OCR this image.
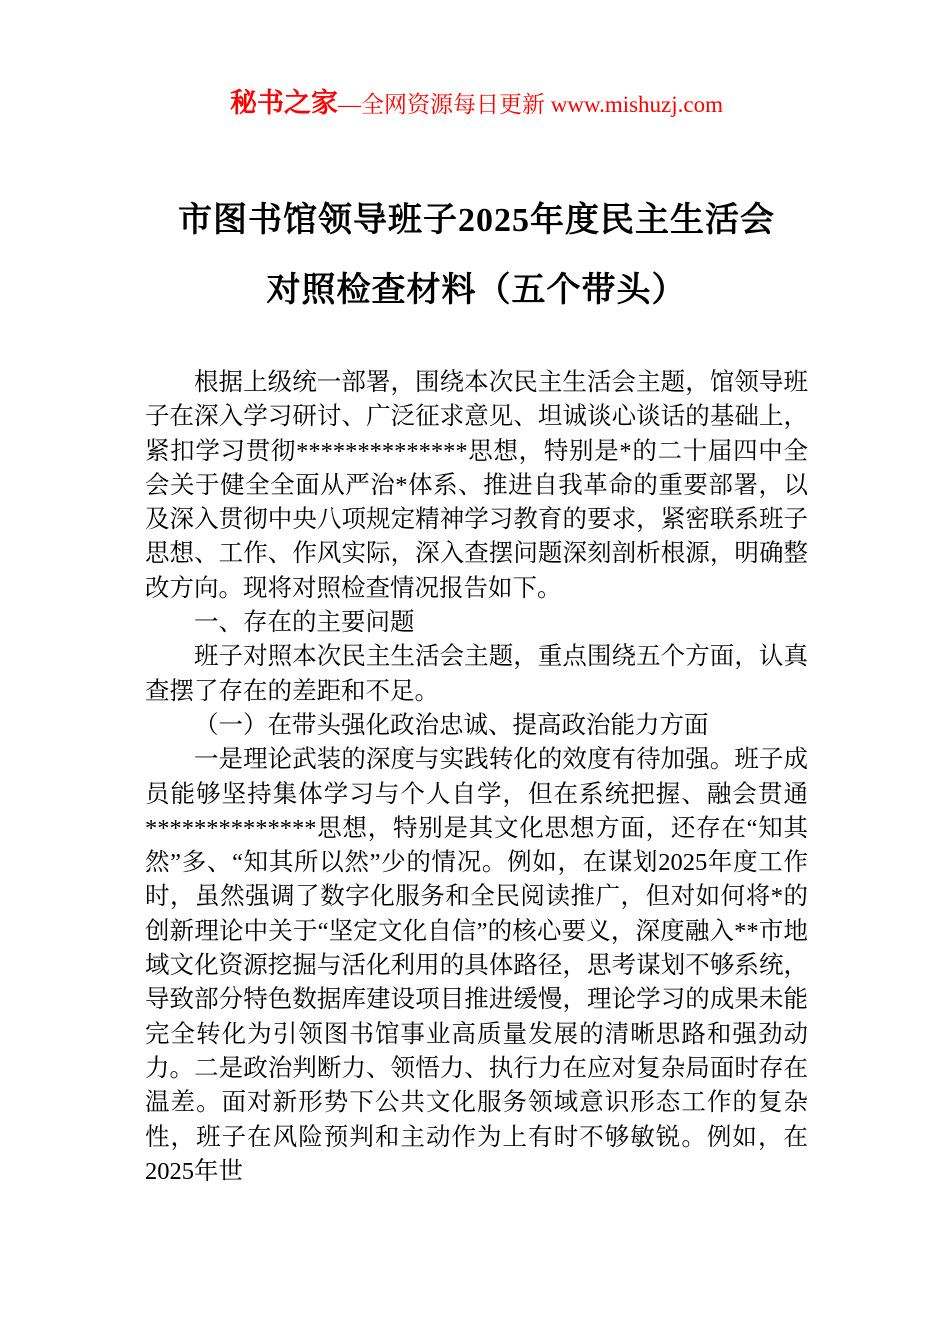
秘书之家—全网资源每日更新 www.mishuzj.com
市图书馆领导班子2025年度民主生活会
对照检查材料（五个带头）

根据上级统一部署，围绕本次民主生活会主题，馆领导班子在深入学习研讨、广泛征求意见、坦诚谈心谈话的基础上，紧扣学习贯彻**************思想，特别是*的二十届四中全会关于健全全面从严治*体系、推进自我革命的重要部署，以及深入贯彻中央八项规定精神学习教育的要求，紧密联系班子思想、工作、作风实际，深入查摆问题深刻剖析根源，明确整改方向。现将对照检查情况报告如下。

一、存在的主要问题

班子对照本次民主生活会主题，重点围绕五个方面，认真查摆了存在的差距和不足。

（一）在带头强化政治忠诚、提高政治能力方面

一是理论武装的深度与实践转化的效度有待加强。班子成员能够坚持集体学习与个人自学，但在系统把握、融会贯通**************思想，特别是其文化思想方面，还存在“知其然”多、“知其所以然”少的情况。例如，在谋划2025年度工作时，虽然强调了数字化服务和全民阅读推广，但对如何将*的创新理论中关于“坚定文化自信”的核心要义，深度融入**市地域文化资源挖掘与活化利用的具体路径，思考谋划不够系统，导致部分特色数据库建设项目推进缓慢，理论学习的成果未能完全转化为引领图书馆事业高质量发展的清晰思路和强劲动力。二是政治判断力、领悟力、执行力在应对复杂局面时存在温差。面对新形势下公共文化服务领域意识形态工作的复杂性，班子在风险预判和主动作为上有时不够敏锐。例如，在2025年世
